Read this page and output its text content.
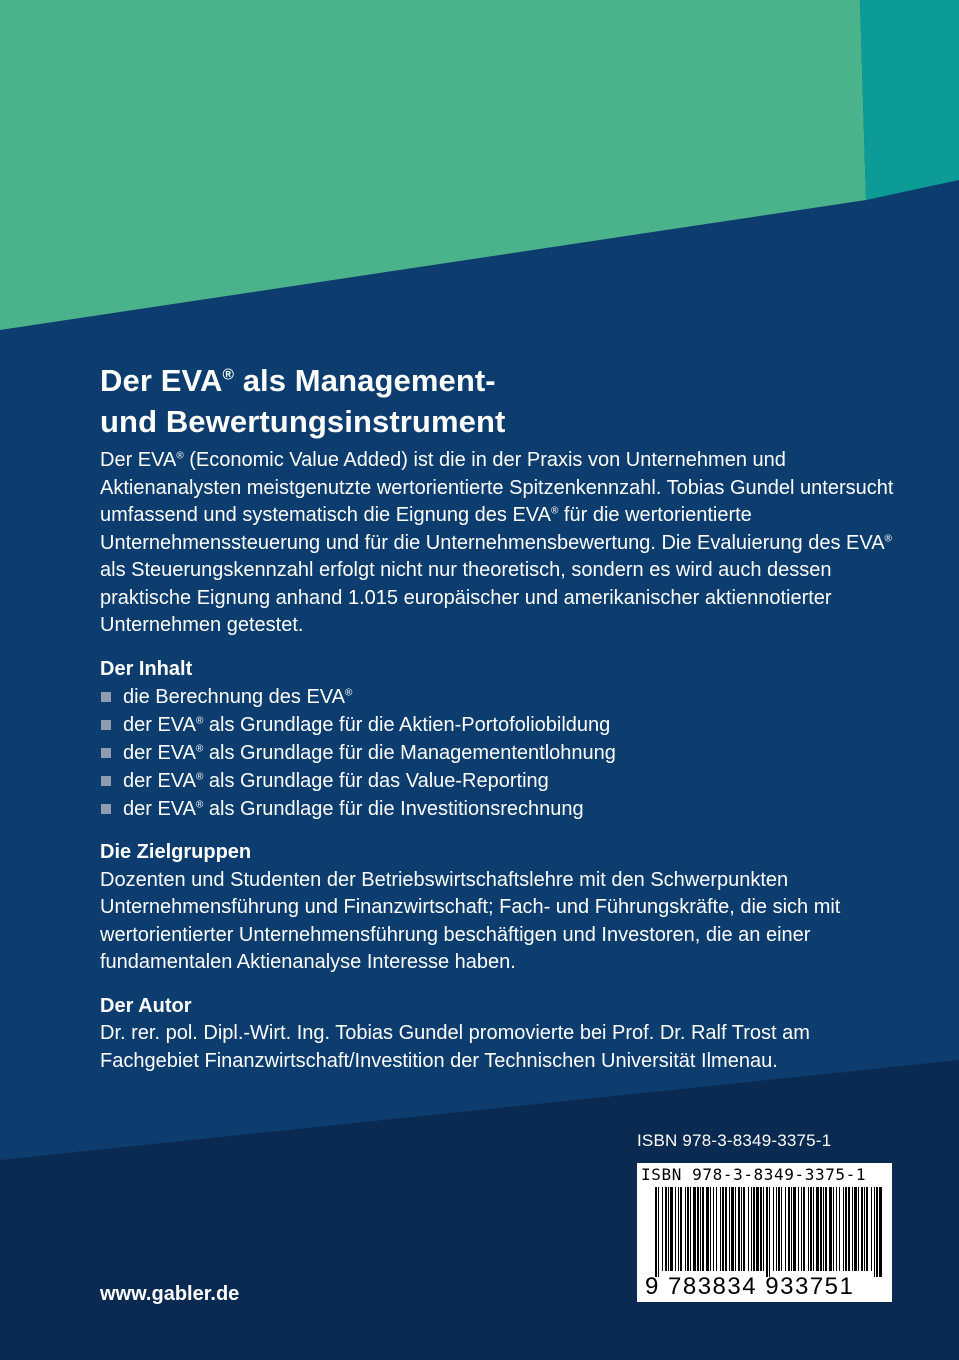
Der EVA® als Management-
und Bewertungsinstrument

Der EVA® (Economic Value Added) ist die in der Praxis von Unternehmen und Aktienanalysten meistgenutzte wertorientierte Spitzenkennzahl. Tobias Gundel untersucht umfassend und systematisch die Eignung des EVA® für die wertorientierte Unternehmenssteuerung und für die Unternehmensbewertung. Die Evaluierung des EVA® als Steuerungskennzahl erfolgt nicht nur theoretisch, sondern es wird auch dessen praktische Eignung anhand 1.015 europäischer und amerikanischer aktiennotierter Unternehmen getestet.

Der Inhalt
die Berechnung des EVA®
der EVA® als Grundlage für die Aktien-Portofoliobildung
der EVA® als Grundlage für die Managemententlohnung
der EVA® als Grundlage für das Value-Reporting
der EVA® als Grundlage für die Investitionsrechnung
Die Zielgruppen

Dozenten und Studenten der Betriebswirtschaftslehre mit den Schwerpunkten Unternehmensführung und Finanzwirtschaft; Fach- und Führungskräfte, die sich mit wertorientierter Unternehmensführung beschäftigen und Investoren, die an einer fundamentalen Aktienanalyse Interesse haben.

Der Autor

Dr. rer. pol. Dipl.-Wirt. Ing. Tobias Gundel promovierte bei Prof. Dr. Ralf Trost am Fachgebiet Finanzwirtschaft/Investition der Technischen Universität Ilmenau.

ISBN 978-3-8349-3375-1
ISBN 978-3-8349-3375-1
9 783834 933751
www.gabler.de
